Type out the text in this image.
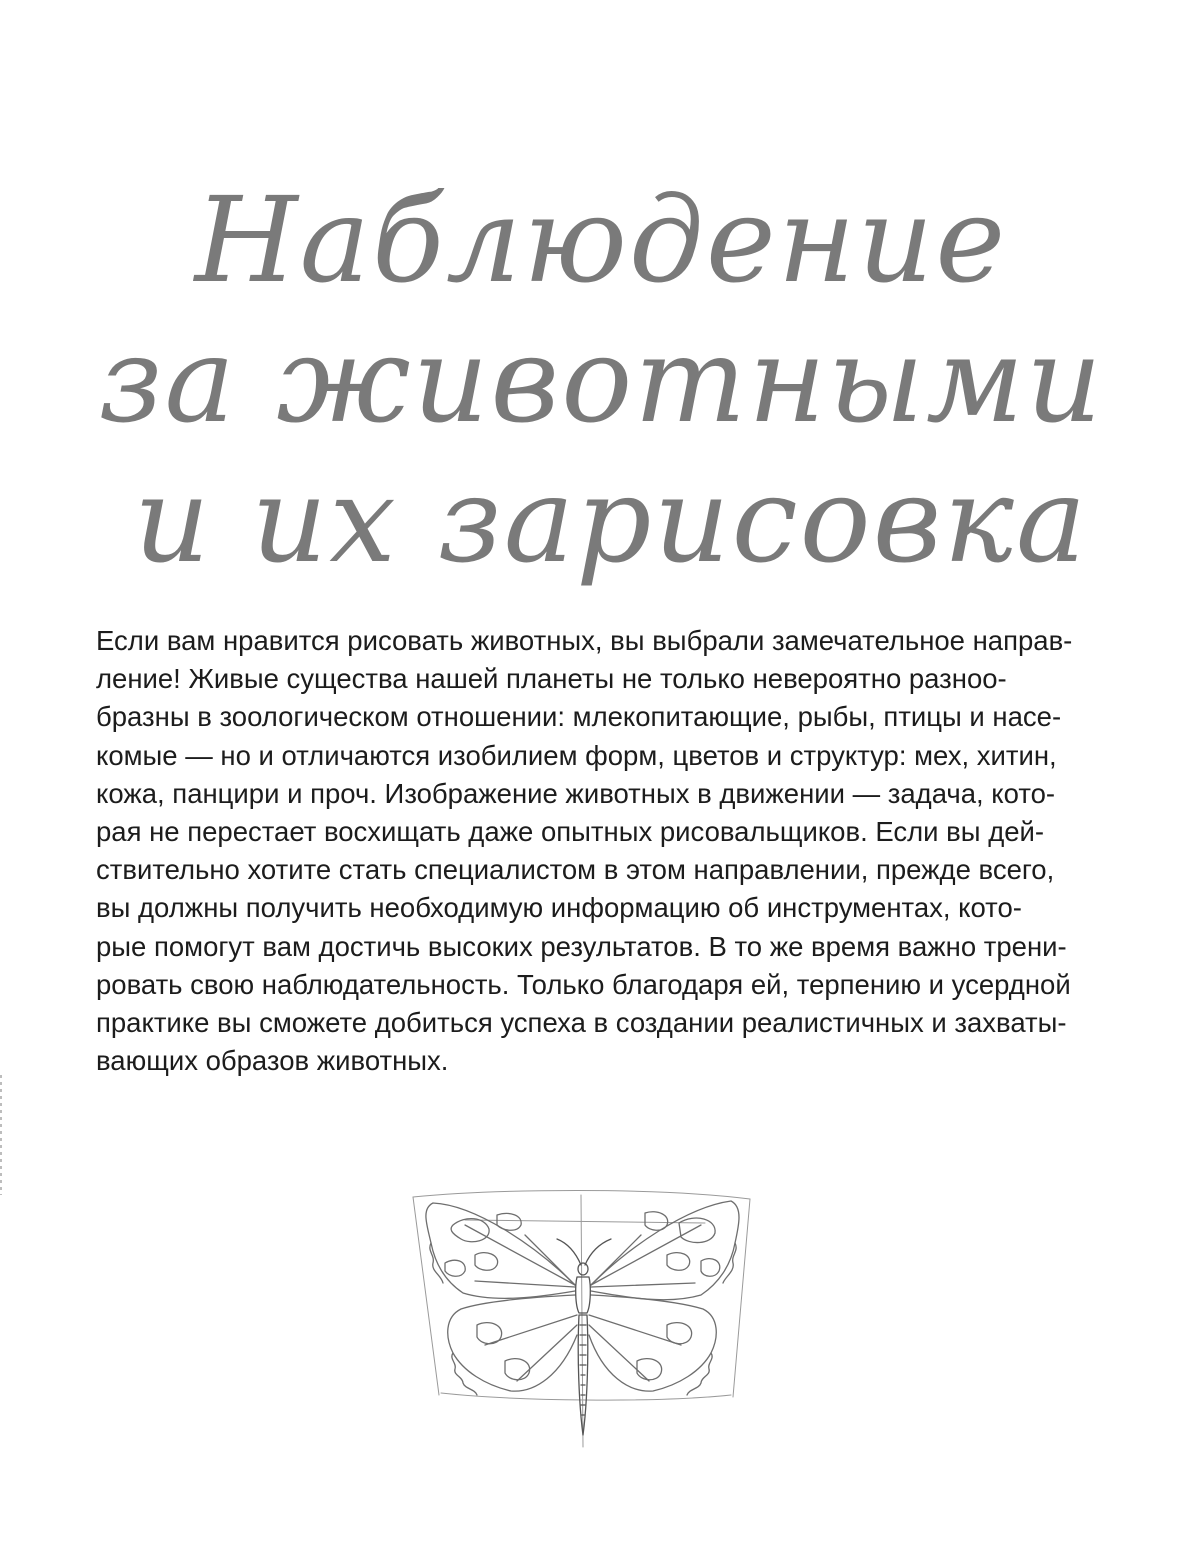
Наблюдение
за животными
и их зарисовка
Если вам нравится рисовать животных, вы выбрали замечательное направ-
ление! Живые существа нашей планеты не только невероятно разноо-
бразны в зоологическом отношении: млекопитающие, рыбы, птицы и насе-
комые — но и отличаются изобилием форм, цветов и структур: мех, хитин,
кожа, панцири и проч. Изображение животных в движении — задача, кото-
рая не перестает восхищать даже опытных рисовальщиков. Если вы дей-
ствительно хотите стать специалистом в этом направлении, прежде всего,
вы должны получить необходимую информацию об инструментах, кото-
рые помогут вам достичь высоких результатов. В то же время важно трени-
ровать свою наблюдательность. Только благодаря ей, терпению и усердной
практике вы сможете добиться успеха в создании реалистичных и захваты-
вающих образов животных.
